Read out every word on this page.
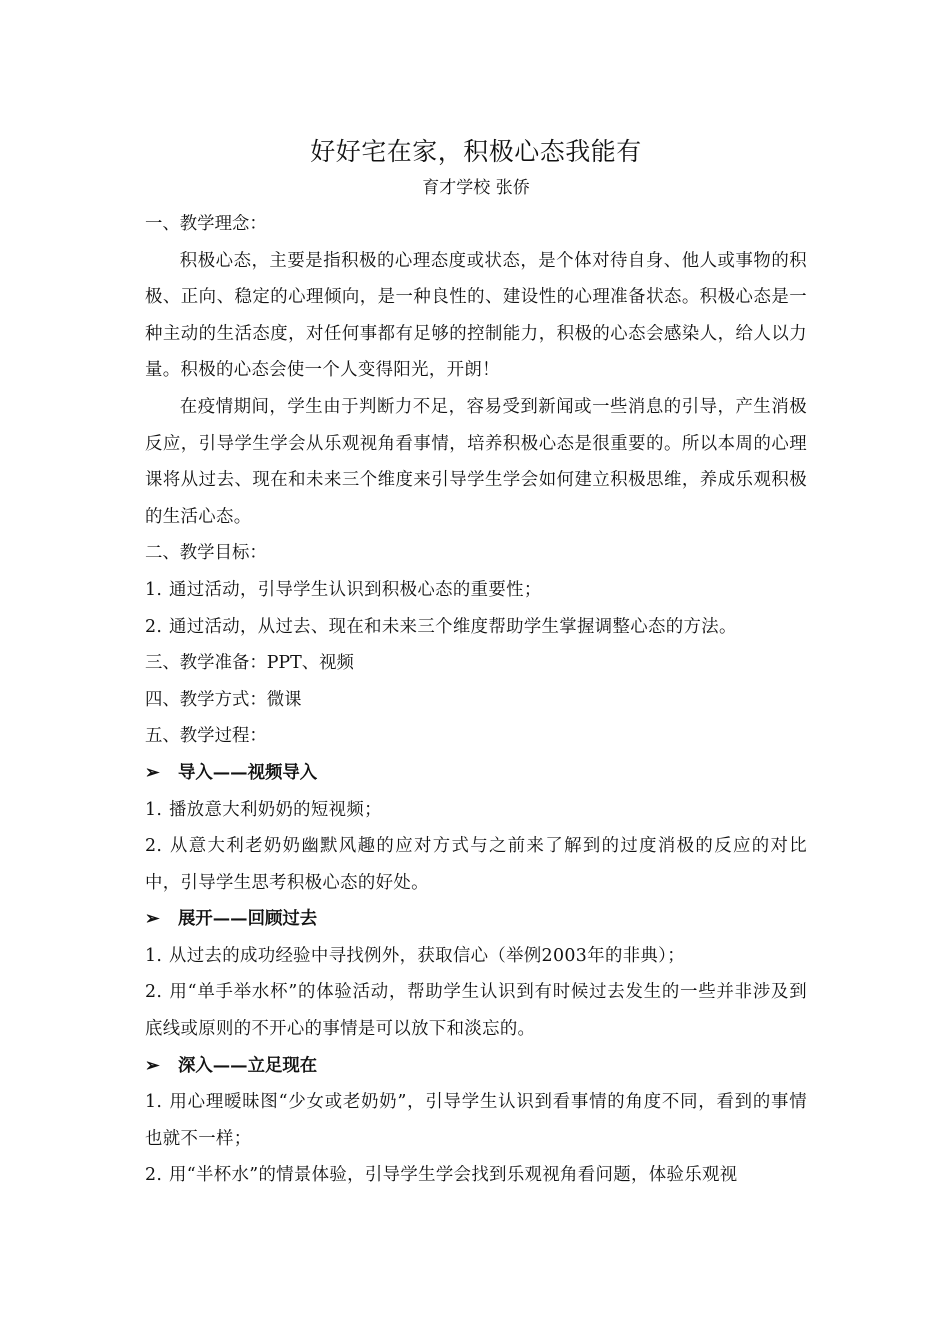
好好宅在家，积极心态我能有

育才学校 张侨

一、教学理念：

积极心态，主要是指积极的心理态度或状态，是个体对待自身、他人或事物的积极、正向、稳定的心理倾向，是一种良性的、建设性的心理准备状态。积极心态是一种主动的生活态度，对任何事都有足够的控制能力，积极的心态会感染人，给人以力量。积极的心态会使一个人变得阳光，开朗！

在疫情期间，学生由于判断力不足，容易受到新闻或一些消息的引导，产生消极反应，引导学生学会从乐观视角看事情，培养积极心态是很重要的。所以本周的心理课将从过去、现在和未来三个维度来引导学生学会如何建立积极思维，养成乐观积极的生活心态。

二、教学目标：

1. 通过活动，引导学生认识到积极心态的重要性；

2. 通过活动，从过去、现在和未来三个维度帮助学生掌握调整心态的方法。

三、教学准备：PPT、视频

四、教学方式：微课

五、教学过程：

➢	导入——视频导入

1. 播放意大利奶奶的短视频；

2. 从意大利老奶奶幽默风趣的应对方式与之前来了解到的过度消极的反应的对比中，引导学生思考积极心态的好处。

➢	展开——回顾过去

1. 从过去的成功经验中寻找例外，获取信心（举例2003年的非典）；

2. 用“单手举水杯”的体验活动，帮助学生认识到有时候过去发生的一些并非涉及到底线或原则的不开心的事情是可以放下和淡忘的。

➢	深入——立足现在

1. 用心理暧昧图“少女或老奶奶”，引导学生认识到看事情的角度不同，看到的事情也就不一样；

2. 用“半杯水”的情景体验，引导学生学会找到乐观视角看问题，体验乐观视
